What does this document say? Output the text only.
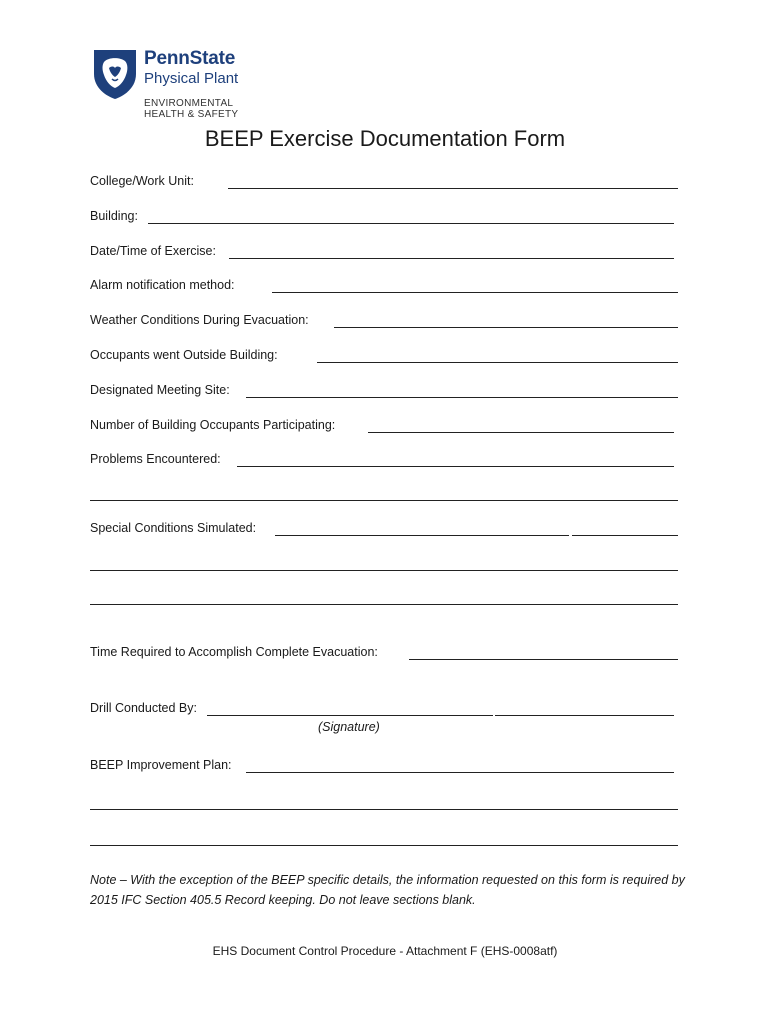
PennState
Physical Plant
ENVIRONMENTAL
HEALTH & SAFETY
BEEP Exercise Documentation Form
College/Work Unit:
Building:
Date/Time of Exercise:
Alarm notification method:
Weather Conditions During Evacuation:
Occupants went Outside Building:
Designated Meeting Site:
Number of Building Occupants Participating:
Problems Encountered:
Special Conditions Simulated:
Time Required to Accomplish Complete Evacuation:
Drill Conducted By:
(Signature)
BEEP Improvement Plan:
Note – With the exception of the BEEP specific details, the information requested on this form is required by 2015 IFC Section 405.5 Record keeping. Do not leave sections blank.
EHS Document Control Procedure - Attachment F (EHS-0008atf)
